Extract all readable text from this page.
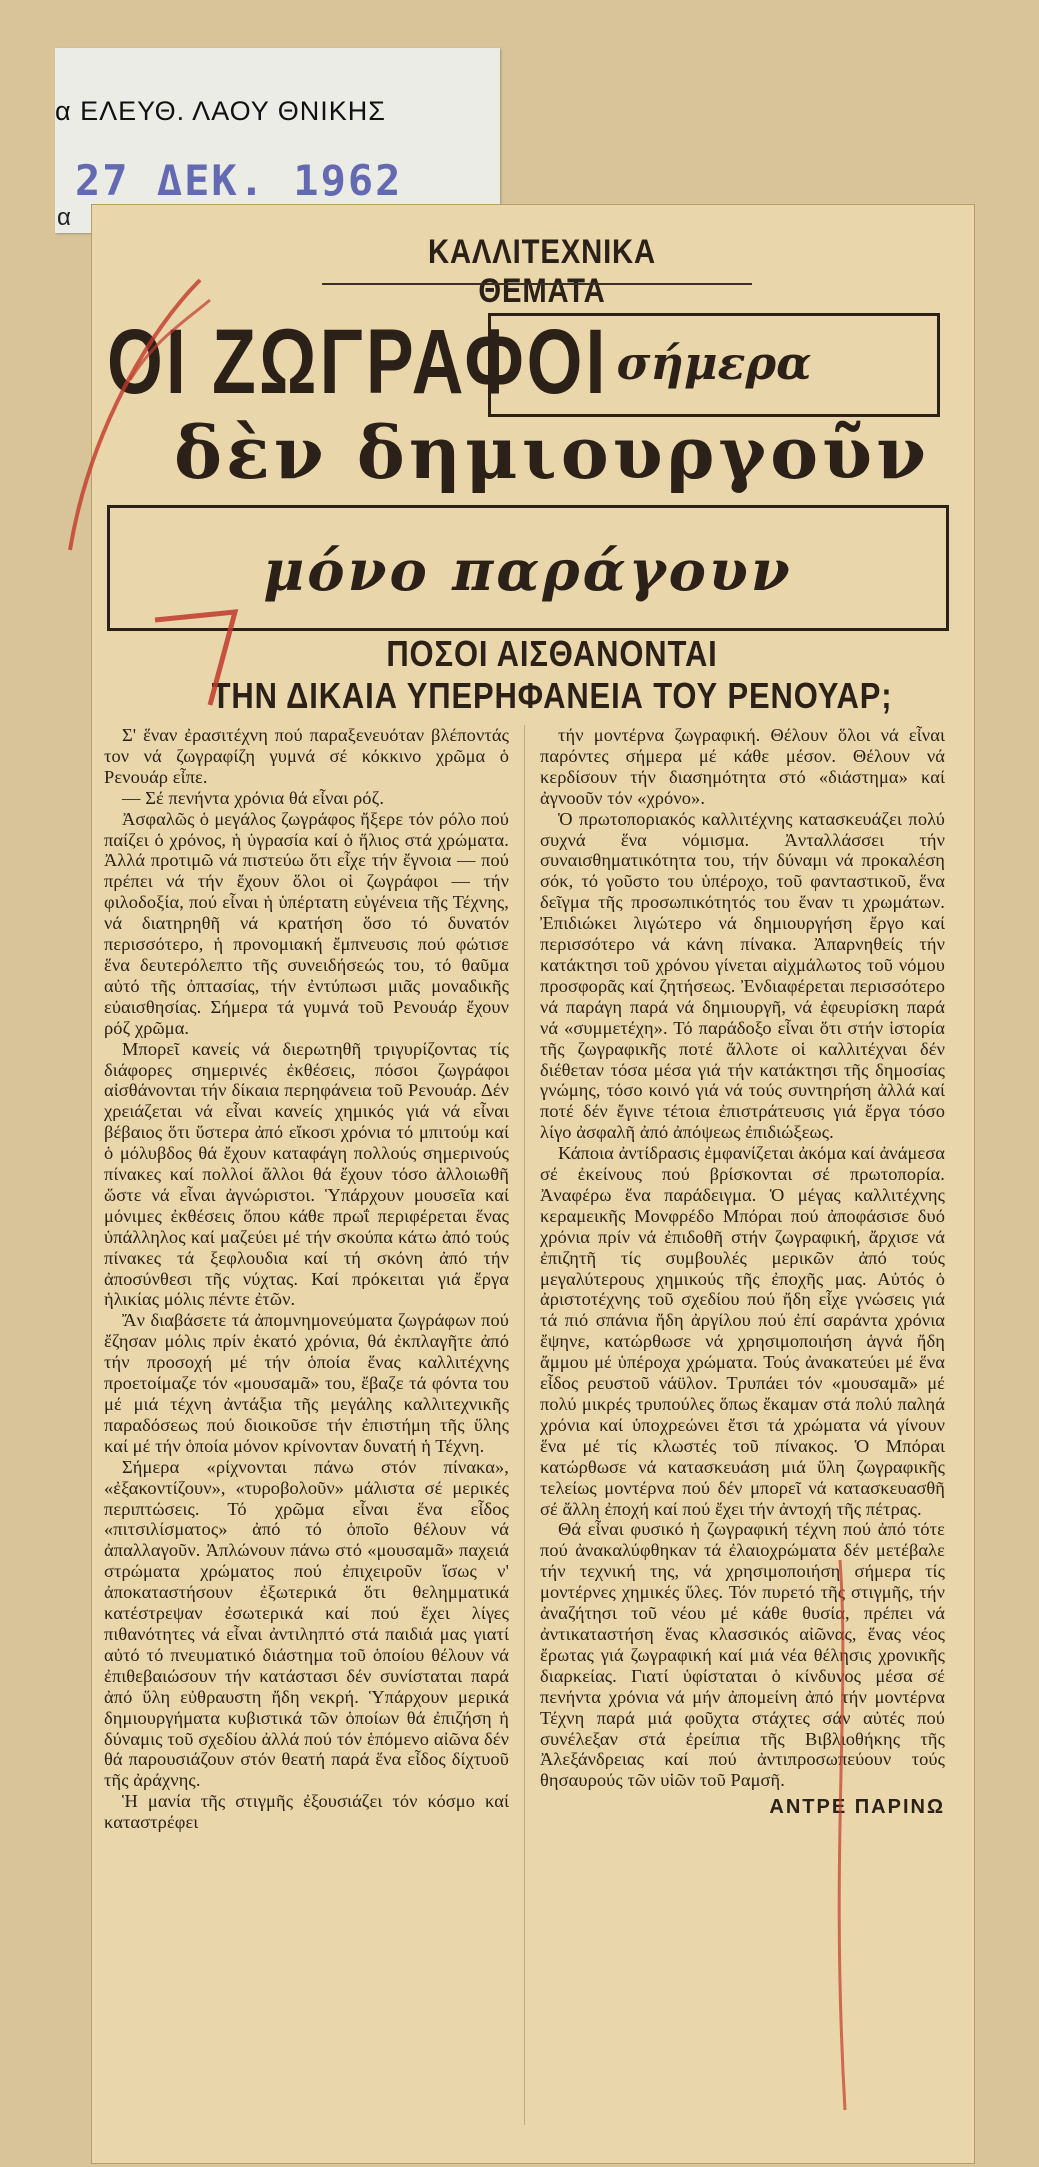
α ΕΛΕΥΘ. ΛΑΟΥ ΘΝΙΚΗΣ
27 ΔΕΚ. 1962
α
ΚΑΛΛΙΤΕΧΝΙΚΑ ΘΕΜΑΤΑ
ΟΙ ΖΩΓΡΑΦΟΙ σήμερα
δὲν δημιουργοῦν
μόνο παράγουν
ΠΟΣΟΙ ΑΙΣΘΑΝΟΝΤΑΙ
ΤΗΝ ΔΙΚΑΙΑ ΥΠΕΡΗΦΑΝΕΙΑ ΤΟΥ ΡΕΝΟΥΑΡ;

Σ' ἕναν ἐρασιτέχνη πού παραξενευόταν βλέποντάς τον νά ζωγραφίζη γυμνά σέ κόκκινο χρῶμα ὁ Ρενουάρ εἶπε.

— Σέ πενήντα χρόνια θά εἶναι ρόζ.

Ἀσφαλῶς ὁ μεγάλος ζωγράφος ἤξερε τόν ρόλο πού παίζει ὁ χρόνος, ἡ ὑγρασία καί ὁ ἥλιος στά χρώματα. Ἀλλά προτιμῶ νά πιστεύω ὅτι εἶχε τήν ἔγνοια — πού πρέπει νά τήν ἔχουν ὅλοι οἱ ζωγράφοι — τήν φιλοδοξία, πού εἶναι ἡ ὑπέρτατη εὐγένεια τῆς Τέχνης, νά διατηρηθῆ νά κρατήση ὅσο τό δυνατόν περισσότερο, ἡ προνομιακή ἔμπνευσις πού φώτισε ἕνα δευτερόλεπτο τῆς συνειδήσεώς του, τό θαῦμα αὐτό τῆς ὀπτασίας, τήν ἐντύπωσι μιᾶς μοναδικῆς εὐαισθησίας. Σήμερα τά γυμνά τοῦ Ρενουάρ ἔχουν ρόζ χρῶμα.

Μπορεῖ κανείς νά διερωτηθῆ τριγυρίζοντας τίς διάφορες σημερινές ἐκθέσεις, πόσοι ζωγράφοι αἰσθάνονται τήν δίκαια περηφάνεια τοῦ Ρενουάρ. Δέν χρειάζεται νά εἶναι κανείς χημικός γιά νά εἶναι βέβαιος ὅτι ὕστερα ἀπό εἴκοσι χρόνια τό μπιτούμ καί ὁ μόλυβδος θά ἔχουν καταφάγη πολλούς σημερινούς πίνακες καί πολλοί ἄλλοι θά ἔχουν τόσο ἀλλοιωθῆ ὥστε νά εἶναι ἀγνώριστοι. Ὑπάρχουν μουσεῖα καί μόνιμες ἐκθέσεις ὅπου κάθε πρωΐ περιφέρεται ἕνας ὑπάλληλος καί μαζεύει μέ τήν σκούπα κάτω ἀπό τούς πίνακες τά ξεφλουδια καί τή σκόνη ἀπό τήν ἀποσύνθεσι τῆς νύχτας. Καί πρόκειται γιά ἔργα ἡλικίας μόλις πέντε ἐτῶν.

Ἄν διαβάσετε τά ἀπομνημονεύματα ζωγράφων πού ἔζησαν μόλις πρίν ἑκατό χρόνια, θά ἐκπλαγῆτε ἀπό τήν προσοχή μέ τήν ὁποία ἕνας καλλιτέχνης προετοίμαζε τόν «μουσαμᾶ» του, ἔβαζε τά φόντα του μέ μιά τέχνη ἀντάξια τῆς μεγάλης καλλιτεχνικῆς παραδόσεως πού διοικοῦσε τήν ἐπιστήμη τῆς ὕλης καί μέ τήν ὁποία μόνον κρίνονταν δυνατή ἡ Τέχνη.

Σήμερα «ρίχνονται πάνω στόν πίνακα», «ἐξακοντίζουν», «τυροβολοῦν» μάλιστα σέ μερικές περιπτώσεις. Τό χρῶμα εἶναι ἕνα εἶδος «πιτσιλίσματος» ἀπό τό ὁποῖο θέλουν νά ἀπαλλαγοῦν. Ἀπλώνουν πάνω στό «μουσαμᾶ» παχειά στρώματα χρώματος πού ἐπιχειροῦν ἴσως ν' ἀποκαταστήσουν ἐξωτερικά ὅτι θελημματικά κατέστρεψαν ἐσωτερικά καί πού ἔχει λίγες πιθανότητες νά εἶναι ἀντιληπτό στά παιδιά μας γιατί αὐτό τό πνευματικό διάστημα τοῦ ὁποίου θέλουν νά ἐπιθεβαιώσουν τήν κατάστασι δέν συνίσταται παρά ἀπό ὕλη εὐθραυστη ἤδη νεκρή. Ὑπάρχουν μερικά δημιουργήματα κυβιστικά τῶν ὁποίων θά ἐπιζήση ἡ δύναμις τοῦ σχεδίου ἀλλά πού τόν ἑπόμενο αἰῶνα δέν θά παρουσιάζουν στόν θεατή παρά ἕνα εἶδος δίχτυοῦ τῆς ἀράχνης.

Ἡ μανία τῆς στιγμῆς ἐξουσιάζει τόν κόσμο καί καταστρέφει

τήν μοντέρνα ζωγραφική. Θέλουν ὅλοι νά εἶναι παρόντες σήμερα μέ κάθε μέσον. Θέλουν νά κερδίσουν τήν διασημότητα στό «διάστημα» καί ἀγνοοῦν τόν «χρόνο».

Ὁ πρωτοποριακός καλλιτέχνης κατασκευάζει πολύ συχνά ἕνα νόμισμα. Ἀνταλλάσσει τήν συναισθηματικότητα του, τήν δύναμι νά προκαλέση σόκ, τό γοῦστο του ὑπέροχο, τοῦ φανταστικοῦ, ἕνα δεῖγμα τῆς προσωπικότητός του ἕναν τι χρωμάτων. Ἐπιδιώκει λιγώτερο νά δημιουργήση ἔργο καί περισσότερο νά κάνη πίνακα. Ἀπαρνηθείς τήν κατάκτησι τοῦ χρόνου γίνεται αἰχμάλωτος τοῦ νόμου προσφορᾶς καί ζητήσεως. Ἐνδιαφέρεται περισσότερο νά παράγη παρά νά δημιουργῆ, νά ἐφευρίσκη παρά νά «συμμετέχη». Τό παράδοξο εἶναι ὅτι στήν ἱστορία τῆς ζωγραφικῆς ποτέ ἄλλοτε οἱ καλλιτέχναι δέν διέθεταν τόσα μέσα γιά τήν κατάκτησι τῆς δημοσίας γνώμης, τόσο κοινό γιά νά τούς συντηρήση ἀλλά καί ποτέ δέν ἔγινε τέτοια ἐπιστράτευσις γιά ἔργα τόσο λίγο ἀσφαλῆ ἀπό ἀπόψεως ἐπιδιώξεως.

Κάποια ἀντίδρασις ἐμφανίζεται ἀκόμα καί ἀνάμεσα σέ ἐκείνους πού βρίσκονται σέ πρωτοπορία. Ἀναφέρω ἕνα παράδειγμα. Ὁ μέγας καλλιτέχνης κεραμεικῆς Μονφρέδο Μπόραι πού ἀποφάσισε δυό χρόνια πρίν νά ἐπιδοθῆ στήν ζωγραφική, ἄρχισε νά ἐπιζητῆ τίς συμβουλές μερικῶν ἀπό τούς μεγαλύτερους χημικούς τῆς ἐποχῆς μας. Αὐτός ὁ ἀριστοτέχνης τοῦ σχεδίου πού ἤδη εἶχε γνώσεις γιά τά πιό σπάνια ἤδη ἀργίλου πού ἐπί σαράντα χρόνια ἔψηνε, κατώρθωσε νά χρησιμοποιήση ἁγνά ἤδη ἄμμου μέ ὑπέροχα χρώματα. Τούς ἀνακατεύει μέ ἕνα εἶδος ρευστοῦ νάϋλον. Τρυπάει τόν «μουσαμᾶ» μέ πολύ μικρές τρυπούλες ὅπως ἔκαμαν στά πολύ παληά χρόνια καί ὑποχρεώνει ἔτσι τά χρώματα νά γίνουν ἕνα μέ τίς κλωστές τοῦ πίνακος. Ὁ Μπόραι κατώρθωσε νά κατασκευάση μιά ὕλη ζωγραφικῆς τελείως μοντέρνα πού δέν μπορεῖ νά κατασκευασθῆ σέ ἄλλη ἐποχή καί πού ἔχει τήν ἀντοχή τῆς πέτρας.

Θά εἶναι φυσικό ἡ ζωγραφική τέχνη πού ἀπό τότε πού ἀνακαλύφθηκαν τά ἐλαιοχρώματα δέν μετέβαλε τήν τεχνική της, νά χρησιμοποιήση σήμερα τίς μοντέρνες χημικές ὕλες. Τόν πυρετό τῆς στιγμῆς, τήν ἀναζήτησι τοῦ νέου μέ κάθε θυσία, πρέπει νά ἀντικαταστήση ἕνας κλασσικός αἰῶνας, ἕνας νέος ἔρωτας γιά ζωγραφική καί μιά νέα θέλησις χρονικῆς διαρκείας. Γιατί ὑφίσταται ὁ κίνδυνος μέσα σέ πενήντα χρόνια νά μήν ἀπομείνη ἀπό τήν μοντέρνα Τέχνη παρά μιά φοῦχτα στάχτες σάν αὐτές πού συνέλεξαν στά ἐρείπια τῆς Βιβλιοθήκης τῆς Ἀλεξάνδρειας καί πού ἀντιπροσωπεύουν τούς θησαυρούς τῶν υἱῶν τοῦ Ραμσῆ.

ΑΝΤΡΕ ΠΑΡΙΝΩ
